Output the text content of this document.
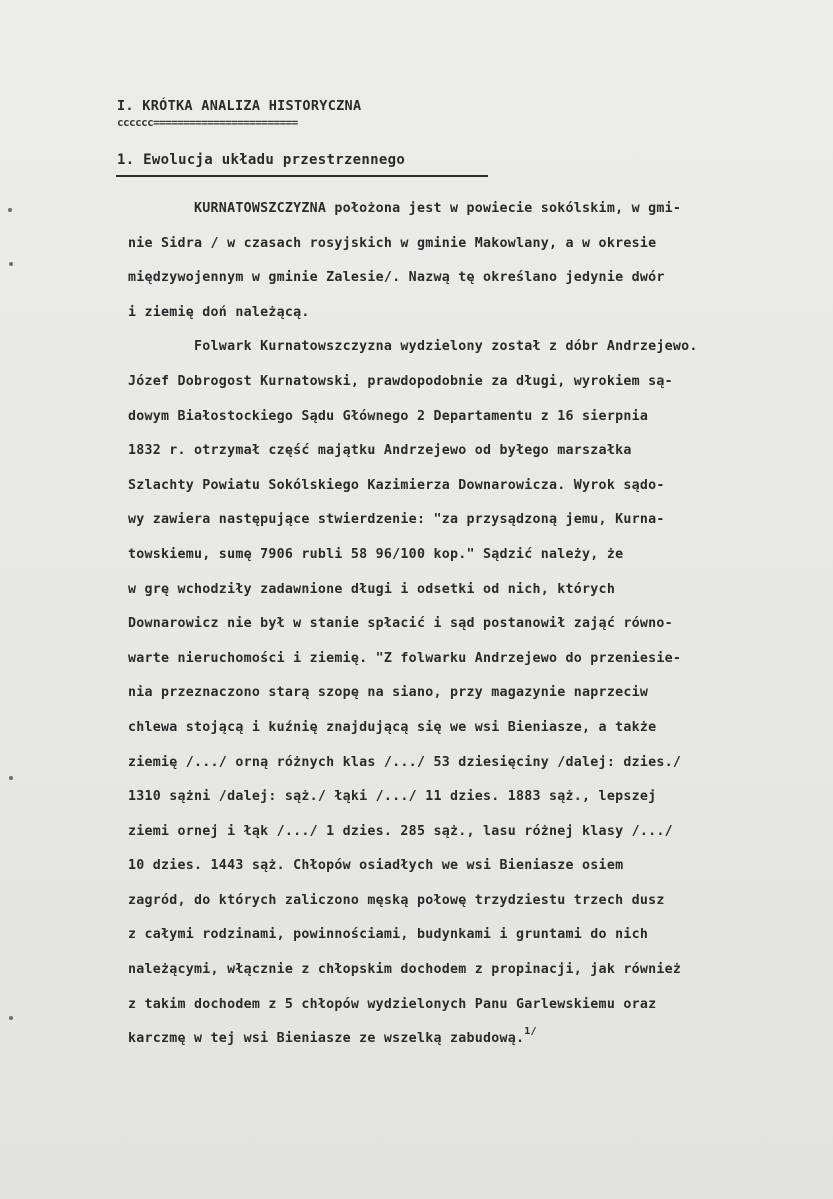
I. KRÓTKA ANALIZA HISTORYCZNA
cccccc========================
1. Ewolucja układu przestrzennego
KURNATOWSZCZYZNA położona jest w powiecie sokólskim, w gmi-
nie Sidra / w czasach rosyjskich w gminie Makowlany, a w okresie
międzywojennym w gminie Zalesie/. Nazwą tę określano jedynie dwór
i ziemię doń należącą.
Folwark Kurnatowszczyzna wydzielony został z dóbr Andrzejewo.
Józef Dobrogost Kurnatowski, prawdopodobnie za długi, wyrokiem są-
dowym Białostockiego Sądu Głównego 2 Departamentu z 16 sierpnia
1832 r. otrzymał część majątku Andrzejewo od byłego marszałka
Szlachty Powiatu Sokólskiego Kazimierza Downarowicza. Wyrok sądo-
wy zawiera następujące stwierdzenie: "za przysądzoną jemu, Kurna-
towskiemu, sumę 7906 rubli 58 96/100 kop." Sądzić należy, że
w grę wchodziły zadawnione długi i odsetki od nich, których
Downarowicz nie był w stanie spłacić i sąd postanowił zająć równo-
warte nieruchomości i ziemię. "Z folwarku Andrzejewo do przeniesie-
nia przeznaczono starą szopę na siano, przy magazynie naprzeciw
chlewa stojącą i kuźnię znajdującą się we wsi Bieniasze, a także
ziemię /.../ orną różnych klas /.../ 53 dziesięciny /dalej: dzies./
1310 sążni /dalej: sąż./ łąki /.../ 11 dzies. 1883 sąż., lepszej
ziemi ornej i łąk /.../ 1 dzies. 285 sąż., lasu różnej klasy /.../
10 dzies. 1443 sąż. Chłopów osiadłych we wsi Bieniasze osiem
zagród, do których zaliczono męską połowę trzydziestu trzech dusz
z całymi rodzinami, powinnościami, budynkami i gruntami do nich
należącymi, włącznie z chłopskim dochodem z propinacji, jak również
z takim dochodem z 5 chłopów wydzielonych Panu Garlewskiemu oraz
karczmę w tej wsi Bieniasze ze wszelką zabudową.$^{1/}$
